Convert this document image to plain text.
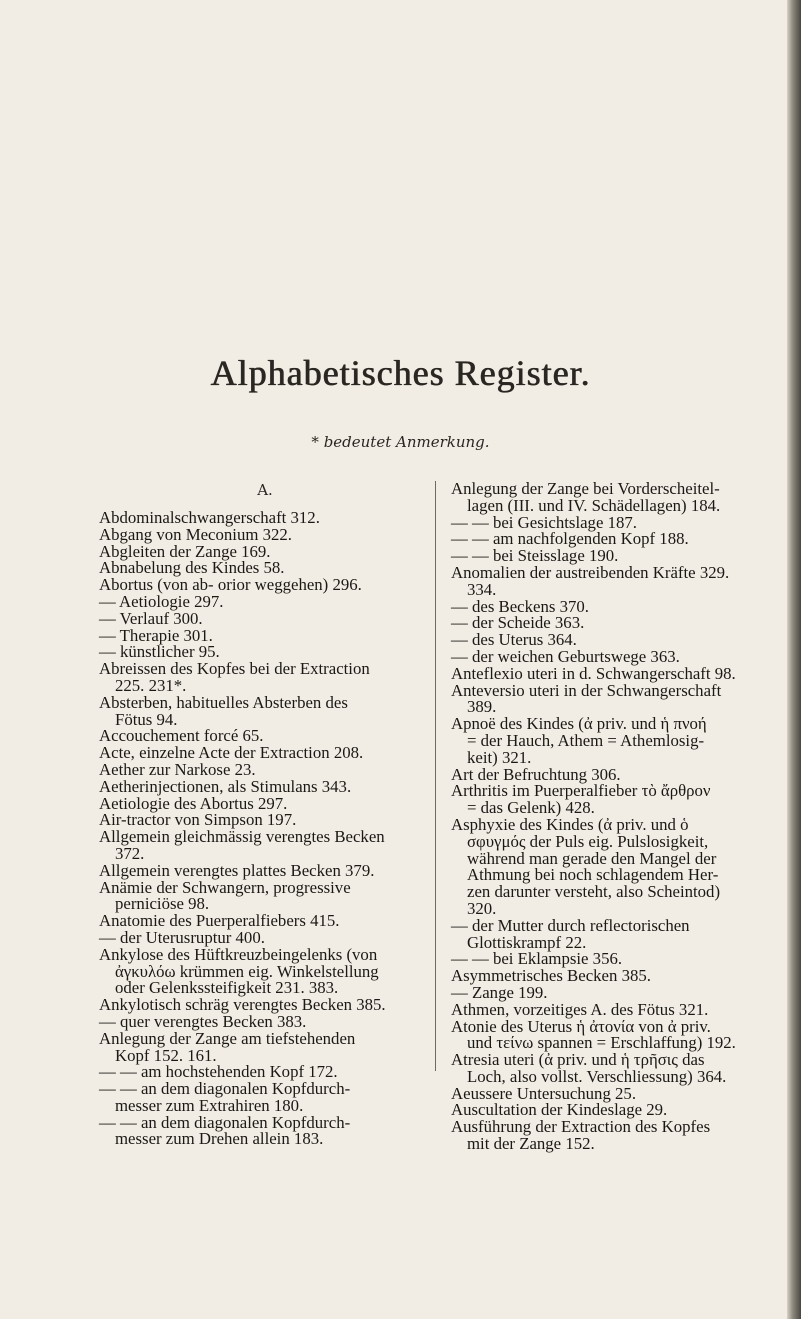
Alphabetisches Register.
* bedeutet Anmerkung.
A.
Abdominalschwangerschaft 312.
Abgang von Meconium 322.
Abgleiten der Zange 169.
Abnabelung des Kindes 58.
Abortus (von ab- orior weggehen) 296.
— Aetiologie 297.
— Verlauf 300.
— Therapie 301.
— künstlicher 95.
Abreissen des Kopfes bei der Extraction
225. 231*.
Absterben, habituelles Absterben des
Fötus 94.
Accouchement forcé 65.
Acte, einzelne Acte der Extraction 208.
Aether zur Narkose 23.
Aetherinjectionen, als Stimulans 343.
Aetiologie des Abortus 297.
Air-tractor von Simpson 197.
Allgemein gleichmässig verengtes Becken
372.
Allgemein verengtes plattes Becken 379.
Anämie der Schwangern, progressive
perniciöse 98.
Anatomie des Puerperalfiebers 415.
— der Uterusruptur 400.
Ankylose des Hüftkreuzbeingelenks (von
ἀγκυλόω krümmen eig. Winkelstellung
oder Gelenkssteifigkeit 231. 383.
Ankylotisch schräg verengtes Becken 385.
— quer verengtes Becken 383.
Anlegung der Zange am tiefstehenden
Kopf 152. 161.
— — am hochstehenden Kopf 172.
— — an dem diagonalen Kopfdurch-
messer zum Extrahiren 180.
— — an dem diagonalen Kopfdurch-
messer zum Drehen allein 183.
Anlegung der Zange bei Vorderscheitel-
lagen (III. und IV. Schädellagen) 184.
— — bei Gesichtslage 187.
— — am nachfolgenden Kopf 188.
— — bei Steisslage 190.
Anomalien der austreibenden Kräfte 329.
334.
— des Beckens 370.
— der Scheide 363.
— des Uterus 364.
— der weichen Geburtswege 363.
Anteflexio uteri in d. Schwangerschaft 98.
Anteversio uteri in der Schwangerschaft
389.
Apnoë des Kindes (ἀ priv. und ἡ πνοή
= der Hauch, Athem = Athemlosig-
keit) 321.
Art der Befruchtung 306.
Arthritis im Puerperalfieber τὸ ἄρθρον
= das Gelenk) 428.
Asphyxie des Kindes (ἀ priv. und ὁ
σφυγμός der Puls eig. Pulslosigkeit,
während man gerade den Mangel der
Athmung bei noch schlagendem Her-
zen darunter versteht, also Scheintod)
320.
— der Mutter durch reflectorischen
Glottiskrampf 22.
— — bei Eklampsie 356.
Asymmetrisches Becken 385.
— Zange 199.
Athmen, vorzeitiges A. des Fötus 321.
Atonie des Uterus ἡ ἀτονία von ἀ priv.
und τείνω spannen = Erschlaffung) 192.
Atresia uteri (ἀ priv. und ἡ τρῆσις das
Loch, also vollst. Verschliessung) 364.
Aeussere Untersuchung 25.
Auscultation der Kindeslage 29.
Ausführung der Extraction des Kopfes
mit der Zange 152.
